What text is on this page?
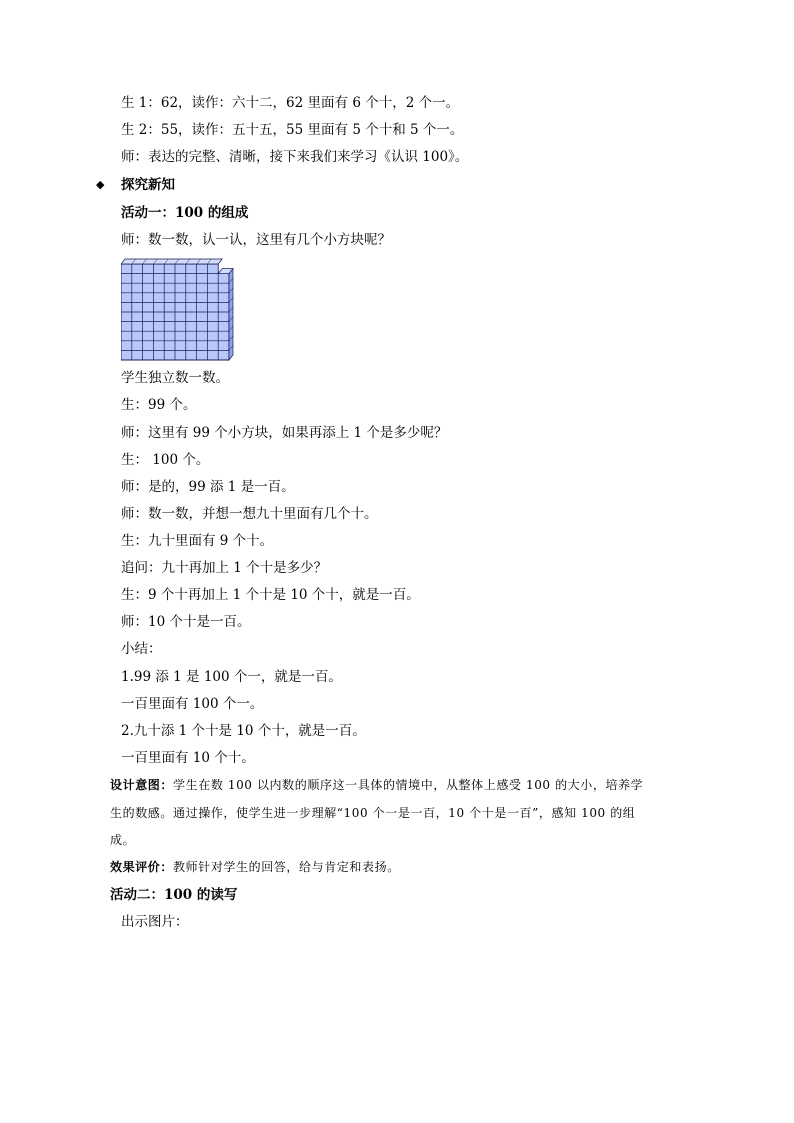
生 1：62，读作：六十二，62 里面有 6 个十，2 个一。
生 2：55，读作：五十五，55 里面有 5 个十和 5 个一。
师：表达的完整、清晰，接下来我们来学习《认识 100》。
◆ 探究新知
活动一：100 的组成
师：数一数，认一认，这里有几个小方块呢？
学生独立数一数。
生：99 个。
师：这里有 99 个小方块，如果再添上 1 个是多少呢？
生： 100 个。
师：是的，99 添 1 是一百。
师：数一数，并想一想九十里面有几个十。
生：九十里面有 9 个十。
追问：九十再加上 1 个十是多少？
生：9 个十再加上 1 个十是 10 个十，就是一百。
师：10 个十是一百。
小结：
1.99 添 1 是 100 个一，就是一百。
一百里面有 100 个一。
2.九十添 1 个十是 10 个十，就是一百。
一百里面有 10 个十。
设计意图：学生在数 100 以内数的顺序这一具体的情境中，从整体上感受 100 的大小，培养学
生的数感。通过操作，使学生进一步理解“100 个一是一百，10 个十是一百”，感知 100 的组
成。
效果评价：教师针对学生的回答，给与肯定和表扬。
活动二：100 的读写
出示图片：
